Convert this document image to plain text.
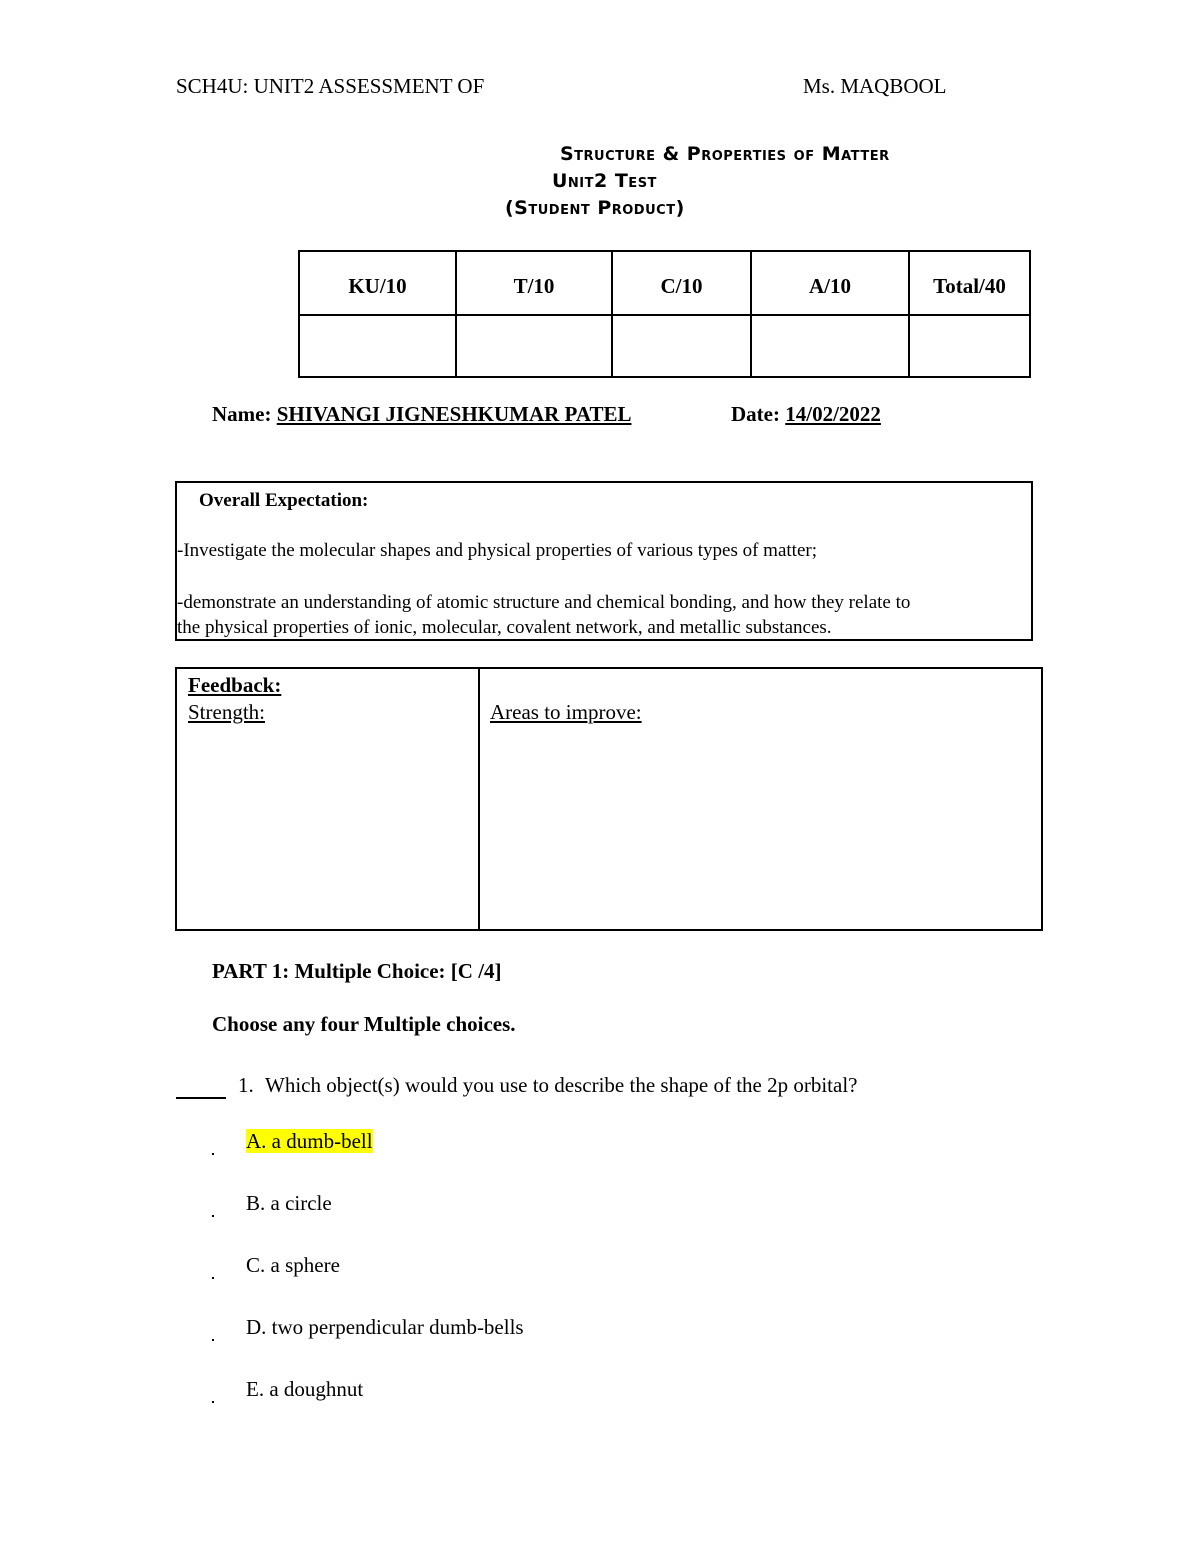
SCH4U: UNIT2 ASSESSMENT OF	Ms. MAQBOOL
Structure & Properties of Matter
Unit2 Test
(Student Product)
KU/10	T/10	C/10	A/10	Total/40

Name: SHIVANGI JIGNESHKUMAR PATEL	Date: 14/02/2022
Overall Expectation:
-Investigate the molecular shapes and physical properties of various types of matter;
-demonstrate an understanding of atomic structure and chemical bonding, and how they relate to
the physical properties of ionic, molecular, covalent network, and metallic substances.
Feedback:
Strength:	Areas to improve:
PART 1: Multiple Choice: [C /4]
Choose any four Multiple choices.
1. Which object(s) would you use to describe the shape of the 2p orbital?
A. a dumb-bell
B. a circle
C. a sphere
D. two perpendicular dumb-bells
E. a doughnut
